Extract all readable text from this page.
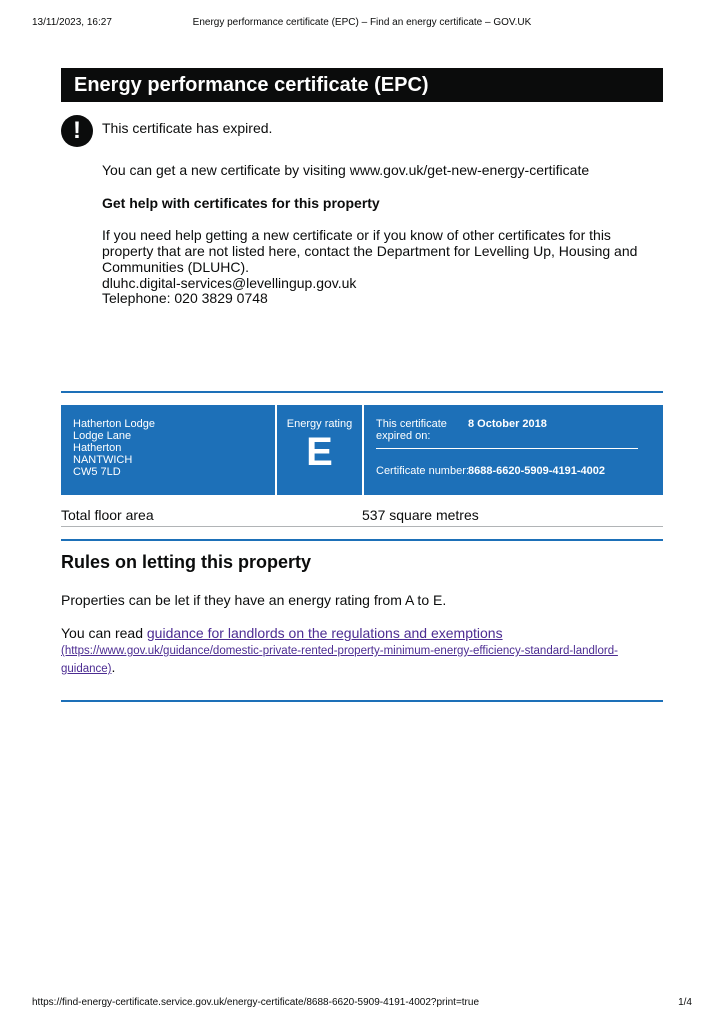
13/11/2023, 16:27	Energy performance certificate (EPC) – Find an energy certificate – GOV.UK
Energy performance certificate (EPC)
!	This certificate has expired.
You can get a new certificate by visiting www.gov.uk/get-new-energy-certificate
Get help with certificates for this property
If you need help getting a new certificate or if you know of other certificates for this property that are not listed here, contact the Department for Levelling Up, Housing and Communities (DLUHC).
dluhc.digital-services@levellingup.gov.uk
Telephone: 020 3829 0748
Hatherton Lodge
Lodge Lane
Hatherton
NANTWICH
CW5 7LD
Energy rating
E
This certificate expired on:
8 October 2018
Certificate number: 8688-6620-5909-4191-4002
Total floor area	537 square metres
Rules on letting this property
Properties can be let if they have an energy rating from A to E.
You can read guidance for landlords on the regulations and exemptions
(https://www.gov.uk/guidance/domestic-private-rented-property-minimum-energy-efficiency-standard-landlord-guidance).
https://find-energy-certificate.service.gov.uk/energy-certificate/8688-6620-5909-4191-4002?print=true	1/4
